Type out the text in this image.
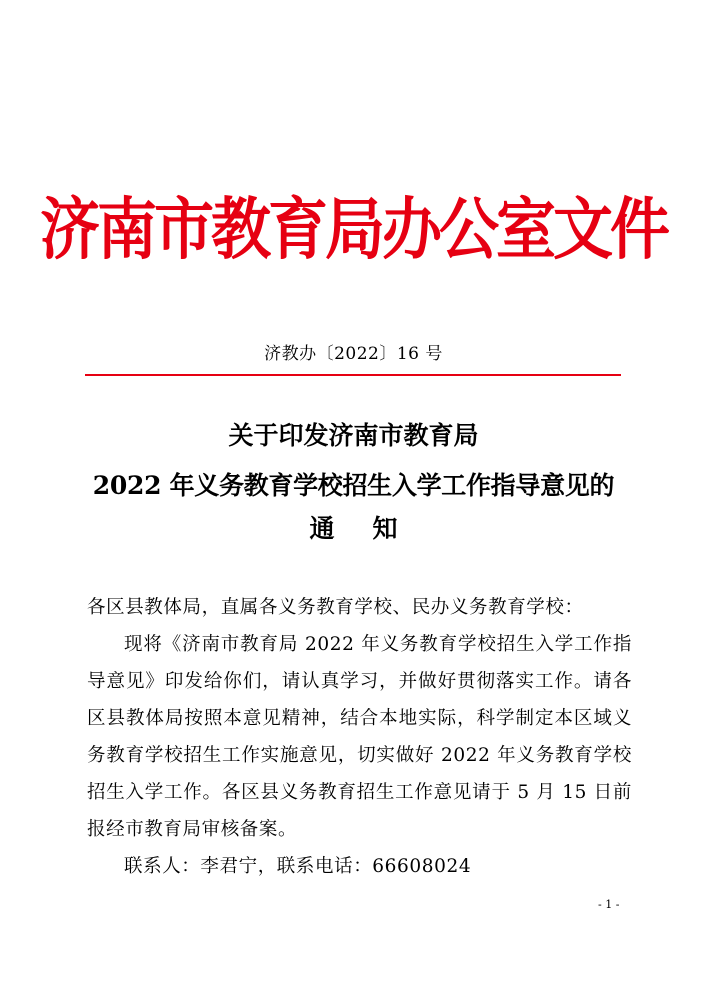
济南市教育局办公室文件
济教办〔2022〕16 号
关于印发济南市教育局
2022 年义务教育学校招生入学工作指导意见的
通 知
各区县教体局，直属各义务教育学校、民办义务教育学校：
现将《济南市教育局 2022 年义务教育学校招生入学工作指导意见》印发给你们，请认真学习，并做好贯彻落实工作。请各区县教体局按照本意见精神，结合本地实际，科学制定本区域义务教育学校招生工作实施意见，切实做好 2022 年义务教育学校招生入学工作。各区县义务教育招生工作意见请于 5 月 15 日前报经市教育局审核备案。
联系人：李君宁，联系电话：66608024
- 1 -
